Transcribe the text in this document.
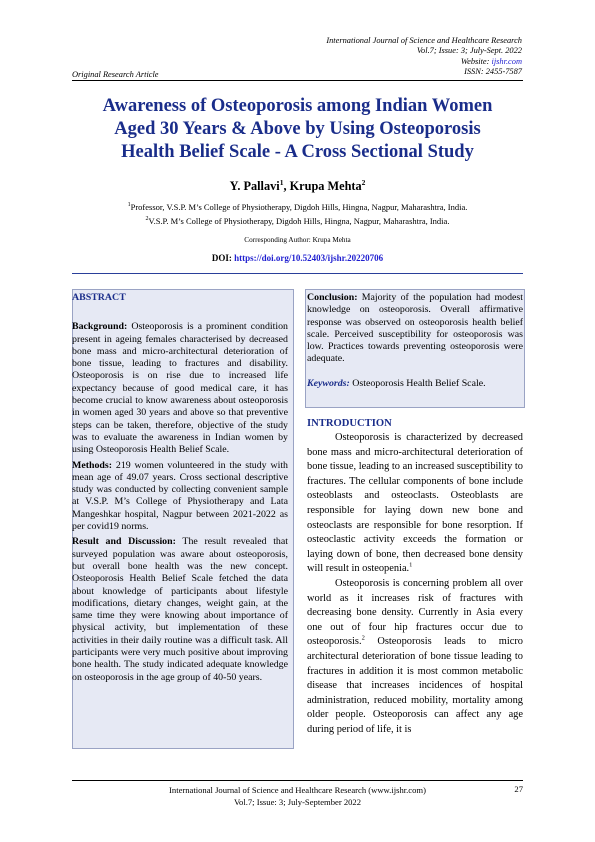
International Journal of Science and Healthcare Research
Vol.7; Issue: 3; July-Sept. 2022
Website: ijshr.com
ISSN: 2455-7587
Original Research Article
Awareness of Osteoporosis among Indian Women
Aged 30 Years & Above by Using Osteoporosis
Health Belief Scale - A Cross Sectional Study
Y. Pallavi$^1$, Krupa Mehta$^2$
$^1$Professor, V.S.P. M’s College of Physiotherapy, Digdoh Hills, Hingna, Nagpur, Maharashtra, India.
$^2$V.S.P. M’s College of Physiotherapy, Digdoh Hills, Hingna, Nagpur, Maharashtra, India.
Corresponding Author: Krupa Mehta
DOI: https://doi.org/10.52403/ijshr.20220706
ABSTRACT

Background: Osteoporosis is a prominent condition present in ageing females characterised by decreased bone mass and micro-architectural deterioration of bone tissue, leading to fractures and disability. Osteoporosis is on rise due to increased life expectancy because of good medical care, it has become crucial to know awareness about osteoporosis in women aged 30 years and above so that preventive steps can be taken, therefore, objective of the study was to evaluate the awareness in Indian women by using Osteoporosis Health Belief Scale.

Methods: 219 women volunteered in the study with mean age of 49.07 years. Cross sectional descriptive study was conducted by collecting convenient sample at V.S.P. M’s College of Physiotherapy and Lata Mangeshkar hospital, Nagpur between 2021-2022 as per covid19 norms.

Result and Discussion: The result revealed that surveyed population was aware about osteoporosis, but overall bone health was the new concept. Osteoporosis Health Belief Scale fetched the data about knowledge of participants about lifestyle modifications, dietary changes, weight gain, at the same time they were knowing about importance of physical activity, but implementation of these activities in their daily routine was a difficult task. All participants were very much positive about improving bone health. The study indicated adequate knowledge on osteoporosis in the age group of 40-50 years.

Conclusion: Majority of the population had modest knowledge on osteoporosis. Overall affirmative response was observed on osteoporosis health belief scale. Perceived susceptibility for osteoporosis was low. Practices towards preventing osteoporosis were adequate.

Keywords: Osteoporosis Health Belief Scale.

INTRODUCTION

Osteoporosis is characterized by decreased bone mass and micro-architectural deterioration of bone tissue, leading to an increased susceptibility to fractures. The cellular components of bone include osteoblasts and osteoclasts. Osteoblasts are responsible for laying down new bone and osteoclasts are responsible for bone resorption. If osteoclastic activity exceeds the formation or laying down of bone, then decreased bone density will result in osteopenia.$^1$

Osteoporosis is concerning problem all over world as it increases risk of fractures with decreasing bone density. Currently in Asia every one out of four hip fractures occur due to osteoporosis.$^2$ Osteoporosis leads to micro architectural deterioration of bone tissue leading to fractures in addition it is most common metabolic disease that increases incidences of hospital administration, reduced mobility, mortality among older people. Osteoporosis can affect any age during period of life, it is

International Journal of Science and Healthcare Research (www.ijshr.com)
Vol.7; Issue: 3; July-September 2022
27
